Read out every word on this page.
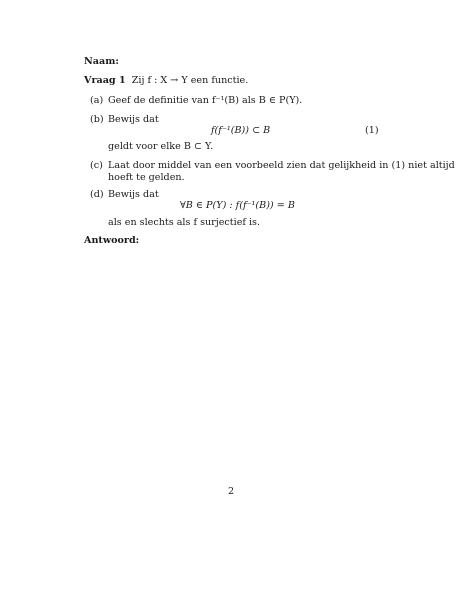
Naam:
Vraag 1 Zij f : X → Y een functie.
(a) Geef de definitie van f⁻¹(B) als B ∈ P(Y).
(b) Bewijs dat
f(f⁻¹(B)) ⊂ B	(1)
geldt voor elke B ⊂ Y.
(c) Laat door middel van een voorbeeld zien dat gelijkheid in (1) niet altijd
hoeft te gelden.
(d) Bewijs dat
∀B ∈ P(Y) : f(f⁻¹(B)) = B
als en slechts als f surjectief is.
Antwoord:
2
